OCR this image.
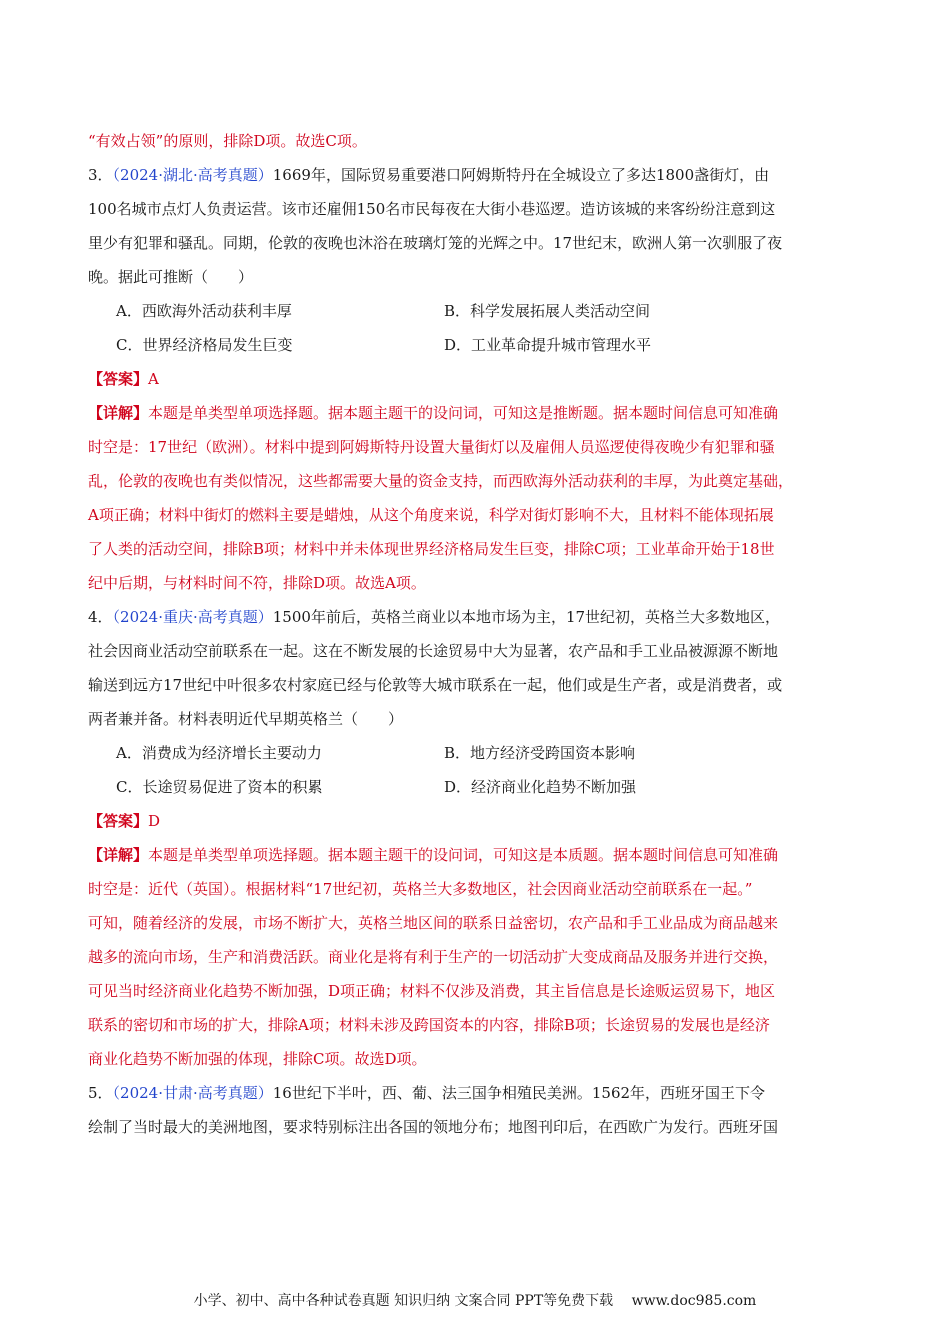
“有效占领”的原则，排除D项。故选C项。
3．（2024·湖北·高考真题）1669年，国际贸易重要港口阿姆斯特丹在全城设立了多达1800盏街灯，由
100名城市点灯人负责运营。该市还雇佣150名市民每夜在大街小巷巡逻。造访该城的来客纷纷注意到这
里少有犯罪和骚乱。同期，伦敦的夜晚也沐浴在玻璃灯笼的光辉之中。17世纪末，欧洲人第一次驯服了夜
晚。据此可推断（　　）
A．西欧海外活动获利丰厚	B．科学发展拓展人类活动空间
C．世界经济格局发生巨变	D．工业革命提升城市管理水平
【答案】A
【详解】本题是单类型单项选择题。据本题主题干的设问词，可知这是推断题。据本题时间信息可知准确
时空是：17世纪（欧洲）。材料中提到阿姆斯特丹设置大量街灯以及雇佣人员巡逻使得夜晚少有犯罪和骚
乱，伦敦的夜晚也有类似情况，这些都需要大量的资金支持，而西欧海外活动获利的丰厚，为此奠定基础，
A项正确；材料中街灯的燃料主要是蜡烛，从这个角度来说，科学对街灯影响不大，且材料不能体现拓展
了人类的活动空间，排除B项；材料中并未体现世界经济格局发生巨变，排除C项；工业革命开始于18世
纪中后期，与材料时间不符，排除D项。故选A项。
4．（2024·重庆·高考真题）1500年前后，英格兰商业以本地市场为主，17世纪初，英格兰大多数地区，
社会因商业活动空前联系在一起。这在不断发展的长途贸易中大为显著，农产品和手工业品被源源不断地
输送到远方17世纪中叶很多农村家庭已经与伦敦等大城市联系在一起，他们或是生产者，或是消费者，或
两者兼并备。材料表明近代早期英格兰（　　）
A．消费成为经济增长主要动力	B．地方经济受跨国资本影响
C．长途贸易促进了资本的积累	D．经济商业化趋势不断加强
【答案】D
【详解】本题是单类型单项选择题。据本题主题干的设问词，可知这是本质题。据本题时间信息可知准确
时空是：近代（英国）。根据材料“17世纪初，英格兰大多数地区，社会因商业活动空前联系在一起。”
可知，随着经济的发展，市场不断扩大，英格兰地区间的联系日益密切，农产品和手工业品成为商品越来
越多的流向市场，生产和消费活跃。商业化是将有利于生产的一切活动扩大变成商品及服务并进行交换，
可见当时经济商业化趋势不断加强，D项正确；材料不仅涉及消费，其主旨信息是长途贩运贸易下，地区
联系的密切和市场的扩大，排除A项；材料未涉及跨国资本的内容，排除B项；长途贸易的发展也是经济
商业化趋势不断加强的体现，排除C项。故选D项。
5．（2024·甘肃·高考真题）16世纪下半叶，西、葡、法三国争相殖民美洲。1562年，西班牙国王下令
绘制了当时最大的美洲地图，要求特别标注出各国的领地分布；地图刊印后，在西欧广为发行。西班牙国
小学、初中、高中各种试卷真题 知识归纳 文案合同 PPT等免费下载　 www.doc985.com
